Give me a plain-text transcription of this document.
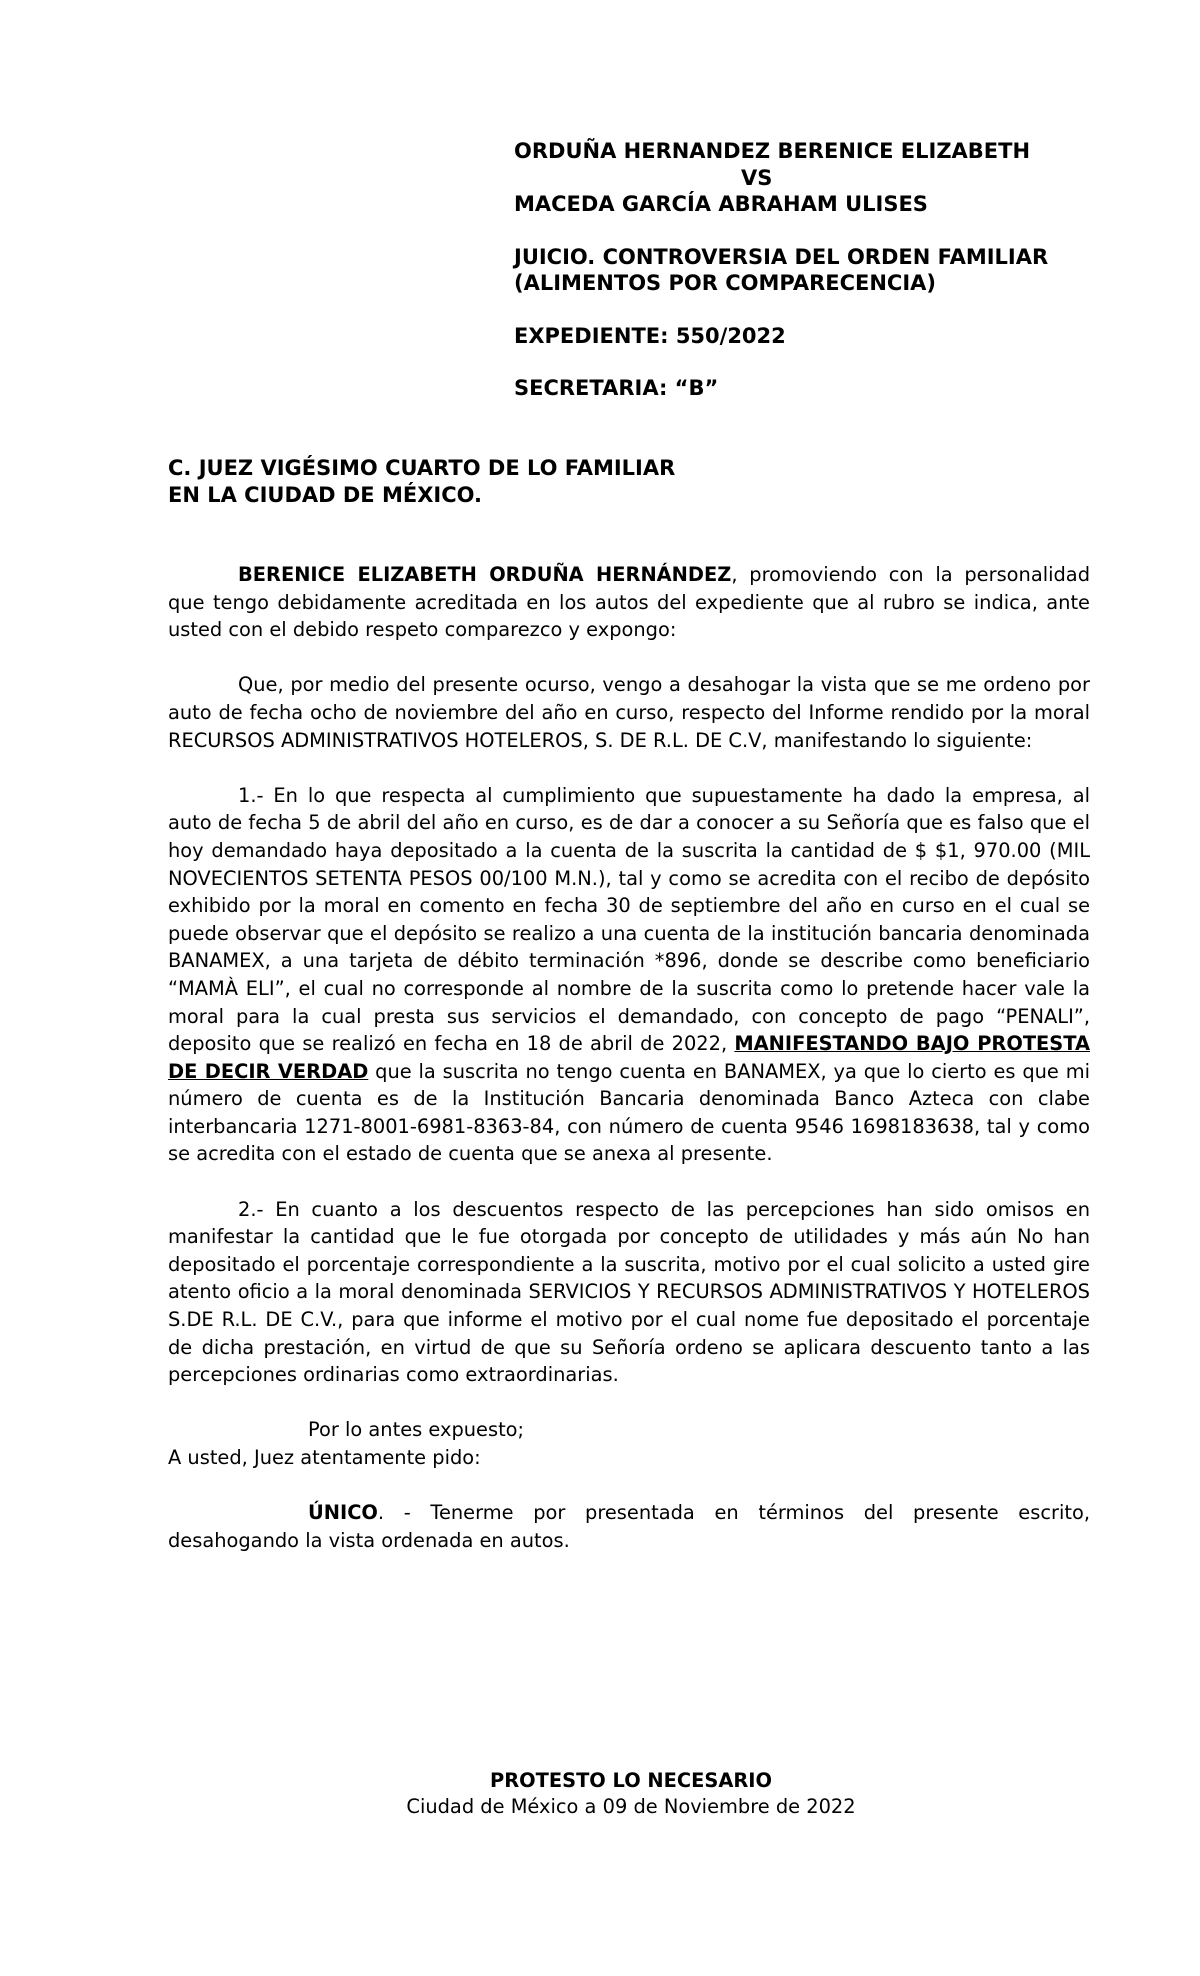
ORDUÑA HERNANDEZ BERENICE ELIZABETH
VS
MACEDA GARCÍA ABRAHAM ULISES
JUICIO. CONTROVERSIA DEL ORDEN FAMILIAR
(ALIMENTOS POR COMPARECENCIA)
EXPEDIENTE: 550/2022
SECRETARIA: “B”
C. JUEZ VIGÉSIMO CUARTO DE LO FAMILIAR
EN LA CIUDAD DE MÉXICO.

BERENICE ELIZABETH ORDUÑA HERNÁNDEZ, promoviendo con la personalidad que tengo debidamente acreditada en los autos del expediente que al rubro se indica, ante usted con el debido respeto comparezco y expongo:

Que, por medio del presente ocurso, vengo a desahogar la vista que se me ordeno por auto de fecha ocho de noviembre del año en curso, respecto del Informe rendido por la moral RECURSOS ADMINISTRATIVOS HOTELEROS, S. DE R.L. DE C.V, manifestando lo siguiente:

1.- En lo que respecta al cumplimiento que supuestamente ha dado la empresa, al auto de fecha 5 de abril del año en curso, es de dar a conocer a su Señoría que es falso que el hoy demandado haya depositado a la cuenta de la suscrita la cantidad de $ $1, 970.00 (MIL NOVECIENTOS SETENTA PESOS 00/100 M.N.), tal y como se acredita con el recibo de depósito exhibido por la moral en comento en fecha 30 de septiembre del año en curso en el cual se puede observar que el depósito se realizo a una cuenta de la institución bancaria denominada BANAMEX, a una tarjeta de débito terminación *896, donde se describe como beneficiario “MAMÀ ELI”, el cual no corresponde al nombre de la suscrita como lo pretende hacer vale la moral para la cual presta sus servicios el demandado, con concepto de pago “PENALI”, deposito que se realizó en fecha en 18 de abril de 2022, MANIFESTANDO BAJO PROTESTA DE DECIR VERDAD que la suscrita no tengo cuenta en BANAMEX, ya que lo cierto es que mi número de cuenta es de la Institución Bancaria denominada Banco Azteca con clabe interbancaria 1271-8001-6981-8363-84, con número de cuenta 9546 1698183638, tal y como se acredita con el estado de cuenta que se anexa al presente.

2.- En cuanto a los descuentos respecto de las percepciones han sido omisos en manifestar la cantidad que le fue otorgada por concepto de utilidades y más aún No han depositado el porcentaje correspondiente a la suscrita, motivo por el cual solicito a usted gire atento oficio a la moral denominada SERVICIOS Y RECURSOS ADMINISTRATIVOS Y HOTELEROS S.DE R.L. DE C.V., para que informe el motivo por el cual nome fue depositado el porcentaje de dicha prestación, en virtud de que su Señoría ordeno se aplicara descuento tanto a las percepciones ordinarias como extraordinarias.

Por lo antes expuesto;
A usted, Juez atentamente pido:

ÚNICO. - Tenerme por presentada en términos del presente escrito, desahogando la vista ordenada en autos.

PROTESTO LO NECESARIO
Ciudad de México a 09 de Noviembre de 2022
